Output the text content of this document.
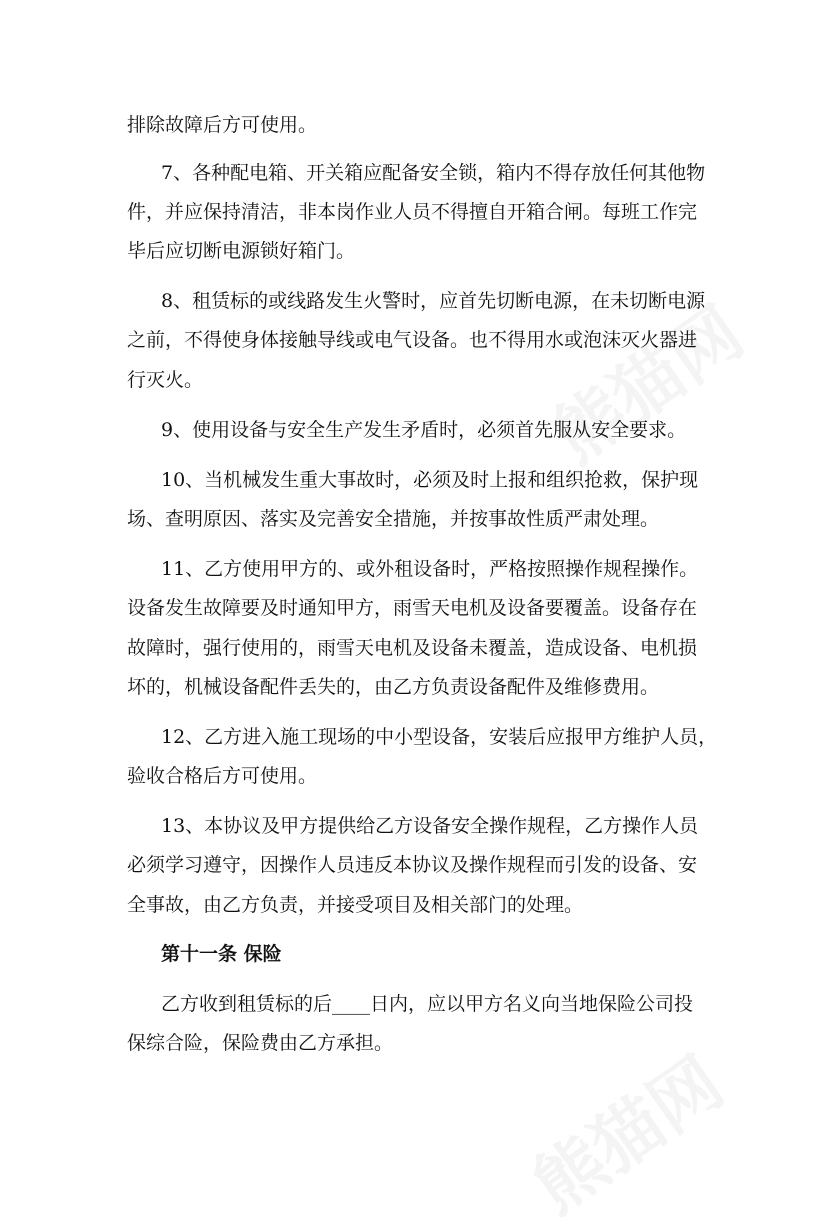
熊猫网
熊猫网
排除故障后方可使用。
7、各种配电箱、开关箱应配备安全锁，箱内不得存放任何其他物
件，并应保持清洁，非本岗作业人员不得擅自开箱合闸。每班工作完
毕后应切断电源锁好箱门。
8、租赁标的或线路发生火警时，应首先切断电源，在未切断电源
之前，不得使身体接触导线或电气设备。也不得用水或泡沫灭火器进
行灭火。
9、使用设备与安全生产发生矛盾时，必须首先服从安全要求。
10、当机械发生重大事故时，必须及时上报和组织抢救，保护现
场、查明原因、落实及完善安全措施，并按事故性质严肃处理。
11、乙方使用甲方的、或外租设备时，严格按照操作规程操作。
设备发生故障要及时通知甲方，雨雪天电机及设备要覆盖。设备存在
故障时，强行使用的，雨雪天电机及设备未覆盖，造成设备、电机损
坏的，机械设备配件丢失的，由乙方负责设备配件及维修费用。
12、乙方进入施工现场的中小型设备，安装后应报甲方维护人员，
验收合格后方可使用。
13、本协议及甲方提供给乙方设备安全操作规程，乙方操作人员
必须学习遵守，因操作人员违反本协议及操作规程而引发的设备、安
全事故，由乙方负责，并接受项目及相关部门的处理。
第十一条 保险
乙方收到租赁标的后____日内，应以甲方名义向当地保险公司投
保综合险，保险费由乙方承担。
